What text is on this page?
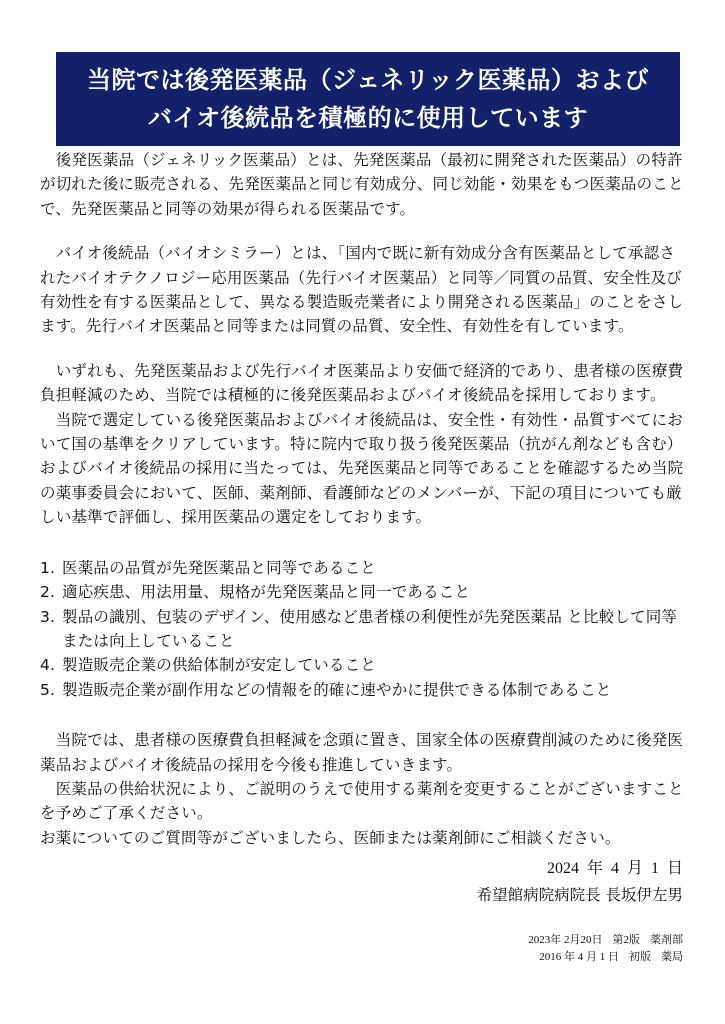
当院では後発医薬品（ジェネリック医薬品）および
バイオ後続品を積極的に使用しています

　後発医薬品（ジェネリック医薬品）とは、先発医薬品（最初に開発された医薬品）の特許が切れた後に販売される、先発医薬品と同じ有効成分、同じ効能・効果をもつ医薬品のことで、先発医薬品と同等の効果が得られる医薬品です。

　バイオ後続品（バイオシミラー）とは、「国内で既に新有効成分含有医薬品として承認されたバイオテクノロジー応用医薬品（先行バイオ医薬品）と同等／同質の品質、安全性及び有効性を有する医薬品として、異なる製造販売業者により開発される医薬品」のことをさします。先行バイオ医薬品と同等または同質の品質、安全性、有効性を有しています。

　いずれも、先発医薬品および先行バイオ医薬品より安価で経済的であり、患者様の医療費負担軽減のため、当院では積極的に後発医薬品およびバイオ後続品を採用しております。

　当院で選定している後発医薬品およびバイオ後続品は、安全性・有効性・品質すべてにおいて国の基準をクリアしています。特に院内で取り扱う後発医薬品（抗がん剤なども含む）およびバイオ後続品の採用に当たっては、先発医薬品と同等であることを確認するため当院の薬事委員会において、医師、薬剤師、看護師などのメンバーが、下記の項目についても厳しい基準で評価し、採用医薬品の選定をしております。

1. 医薬品の品質が先発医薬品と同等であること
2. 適応疾患、用法用量、規格が先発医薬品と同一であること
3. 製品の識別、包装のデザイン、使用感など患者様の利便性が先発医薬品 と比較して同等または向上していること
4. 製造販売企業の供給体制が安定していること
5. 製造販売企業が副作用などの情報を的確に速やかに提供できる体制であること

　当院では、患者様の医療費負担軽減を念頭に置き、国家全体の医療費削減のために後発医薬品およびバイオ後続品の採用を今後も推進していきます。

　医薬品の供給状況により、ご説明のうえで使用する薬剤を変更することがございますことを予めご了承ください。

お薬についてのご質問等がございましたら、医師または薬剤師にご相談ください。

2024 年 4 月 1 日
希望館病院病院長 長坂伊左男
2023年 2月20日 第2版 薬剤部
2016 年 4 月 1 日 初版 薬局
